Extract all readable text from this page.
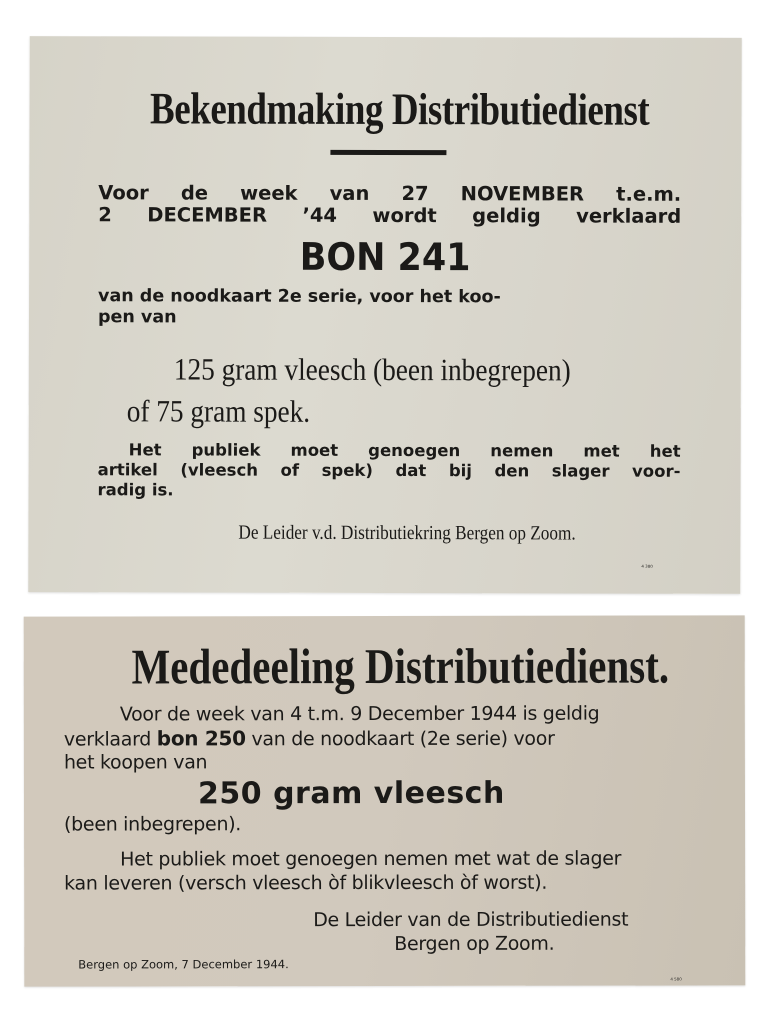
Bekendmaking Distributiedienst
Voor de week van 27 NOVEMBER t.e.m.
2 DECEMBER ’44 wordt geldig verklaard
BON 241
van de noodkaart 2e serie, voor het koo-
pen van
125 gram vleesch (been inbegrepen)
of 75 gram spek.
Het publiek moet genoegen nemen met het
artikel (vleesch of spek) dat bij den slager voor-
radig is.
De Leider v.d. Distributiekring Bergen op Zoom.
4 380
Mededeeling Distributiedienst.
Voor de week van 4 t.m. 9 December 1944 is geldig
verklaard bon 250 van de noodkaart (2e serie) voor
het koopen van
250 gram vleesch
(been inbegrepen).
Het publiek moet genoegen nemen met wat de slager
kan leveren (versch vleesch òf blikvleesch òf worst).
De Leider van de Distributiedienst
Bergen op Zoom.
Bergen op Zoom, 7 December 1944.
4 580
